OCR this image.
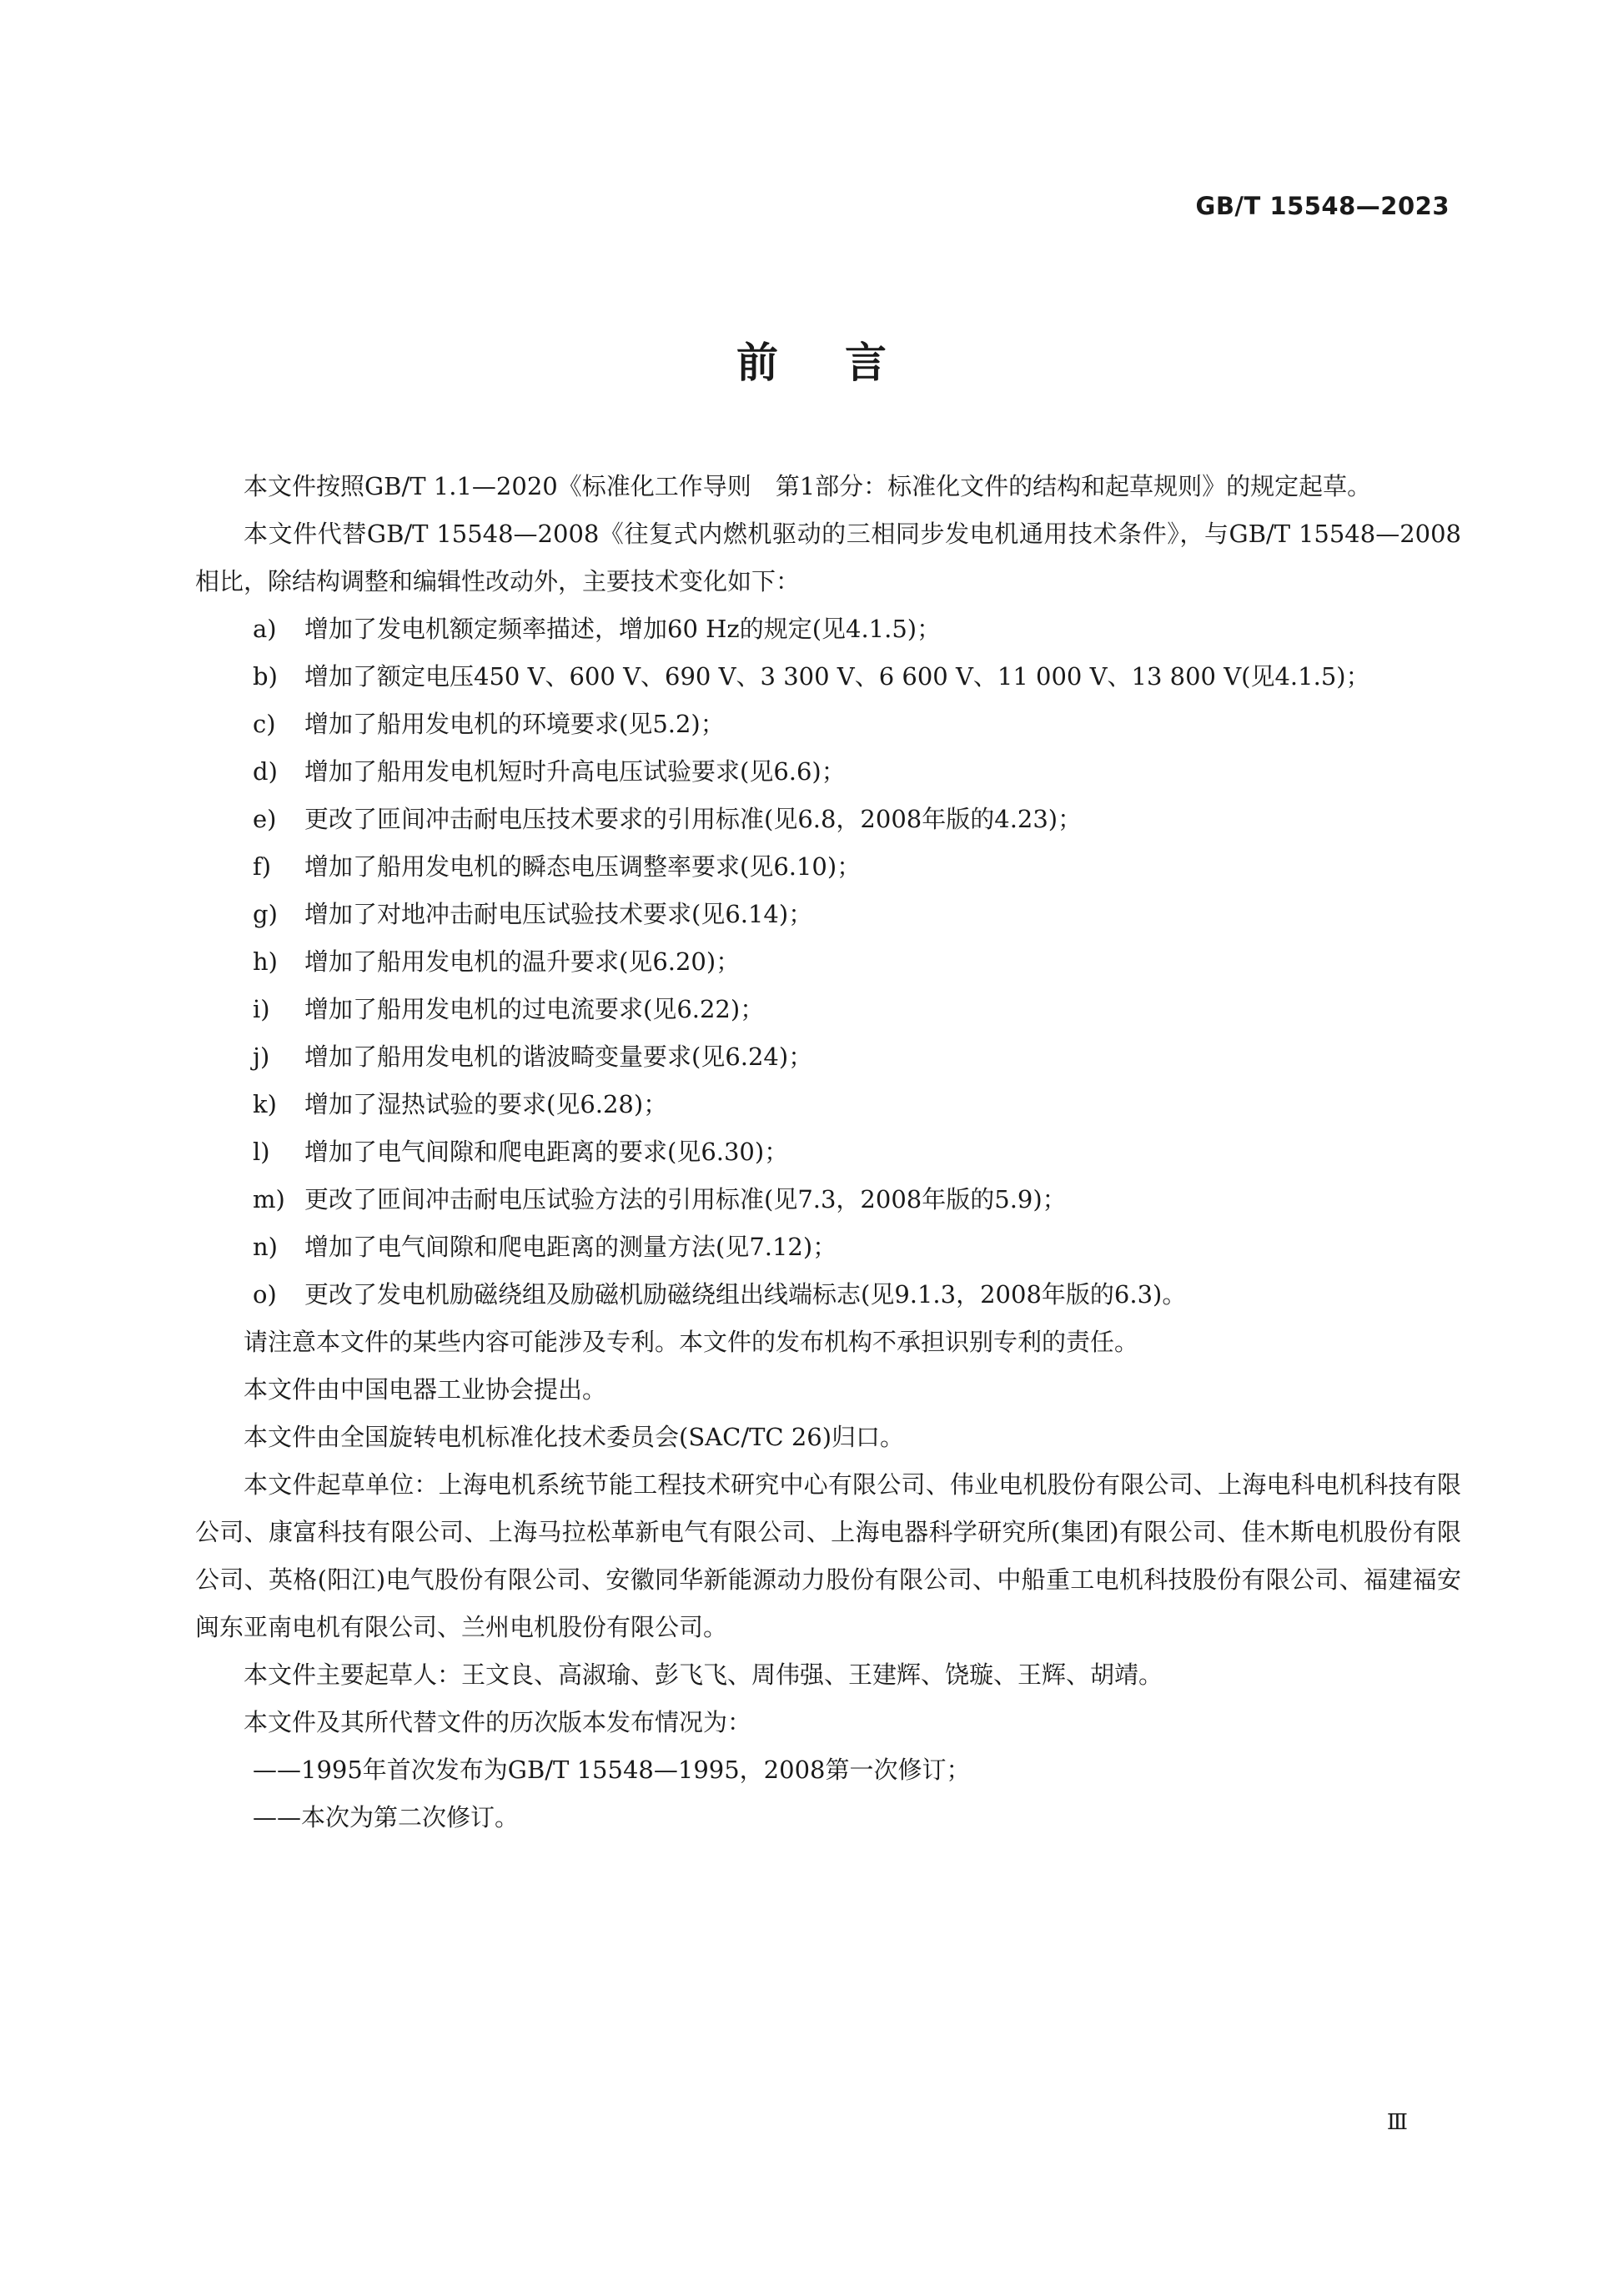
GB/T 15548—2023
前言

本文件按照GB/T 1.1—2020《标准化工作导则　第1部分：标准化文件的结构和起草规则》的规定起草。

本文件代替GB/T 15548—2008《往复式内燃机驱动的三相同步发电机通用技术条件》，与GB/T 15548—2008相比，除结构调整和编辑性改动外，主要技术变化如下：

a)	增加了发电机额定频率描述，增加60 Hz的规定(见4.1.5)；
b)	增加了额定电压450 V、600 V、690 V、3 300 V、6 600 V、11 000 V、13 800 V(见4.1.5)；
c)	增加了船用发电机的环境要求(见5.2)；
d)	增加了船用发电机短时升高电压试验要求(见6.6)；
e)	更改了匝间冲击耐电压技术要求的引用标准(见6.8，2008年版的4.23)；
f)	增加了船用发电机的瞬态电压调整率要求(见6.10)；
g)	增加了对地冲击耐电压试验技术要求(见6.14)；
h)	增加了船用发电机的温升要求(见6.20)；
i)	增加了船用发电机的过电流要求(见6.22)；
j)	增加了船用发电机的谐波畸变量要求(见6.24)；
k)	增加了湿热试验的要求(见6.28)；
l)	增加了电气间隙和爬电距离的要求(见6.30)；
m) 更改了匝间冲击耐电压试验方法的引用标准(见7.3，2008年版的5.9)；
n)	增加了电气间隙和爬电距离的测量方法(见7.12)；
o)	更改了发电机励磁绕组及励磁机励磁绕组出线端标志(见9.1.3，2008年版的6.3)。

请注意本文件的某些内容可能涉及专利。本文件的发布机构不承担识别专利的责任。

本文件由中国电器工业协会提出。

本文件由全国旋转电机标准化技术委员会(SAC/TC 26)归口。

本文件起草单位：上海电机系统节能工程技术研究中心有限公司、伟业电机股份有限公司、上海电科电机科技有限公司、康富科技有限公司、上海马拉松革新电气有限公司、上海电器科学研究所(集团)有限公司、佳木斯电机股份有限公司、英格(阳江)电气股份有限公司、安徽同华新能源动力股份有限公司、中船重工电机科技股份有限公司、福建福安闽东亚南电机有限公司、兰州电机股份有限公司。

本文件主要起草人：王文良、高淑瑜、彭飞飞、周伟强、王建辉、饶璇、王辉、胡靖。

本文件及其所代替文件的历次版本发布情况为：

——1995年首次发布为GB/T 15548—1995，2008第一次修订；

——本次为第二次修订。

Ⅲ
